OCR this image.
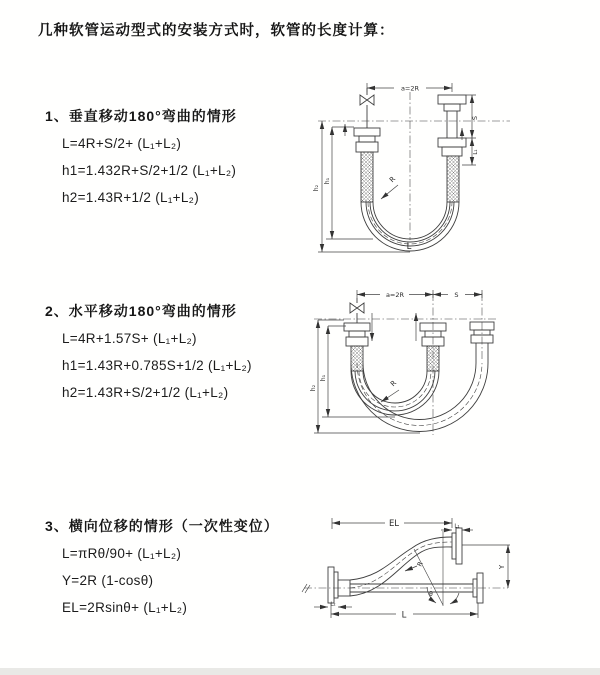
几种软管运动型式的安装方式时，软管的长度计算：
1、垂直移动180°弯曲的情形
L=4R+S/2+ (L₁+L₂)
h1=1.432R+S/2+1/2 (L₁+L₂)
h2=1.43R+1/2 (L₁+L₂)
2、水平移动180°弯曲的情形
L=4R+1.57S+ (L₁+L₂)
h1=1.43R+0.785S+1/2 (L₁+L₂)
h2=1.43R+S/2+1/2 (L₁+L₂)
3、横向位移的情形（一次性变位）
L=πRθ/90+ (L₁+L₂)
Y=2R (1-cosθ)
EL=2Rsinθ+ (L₁+L₂)
a=2R
h₂
h₁
S
L₁
R
L
a=2R	S
h₂
h₁
R
EL	L₁
Y
R
θ
L
L₂
